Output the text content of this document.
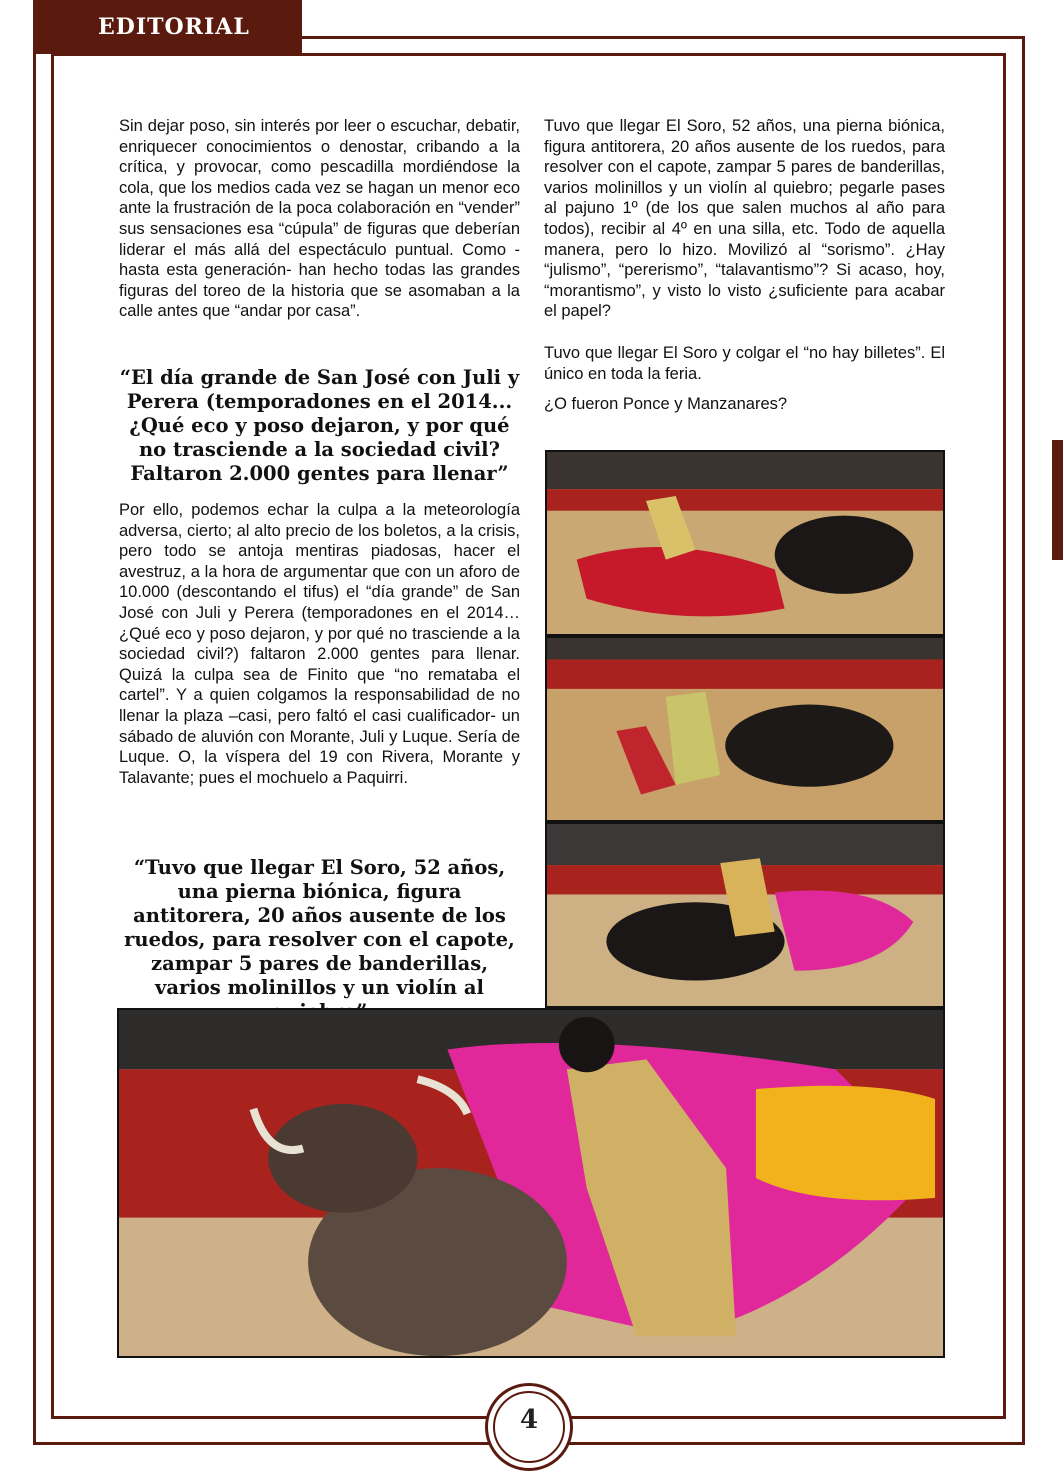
EDITORIAL

Sin dejar poso, sin interés por leer o escuchar, debatir, enriquecer conocimientos o denostar, cribando a la crítica, y provocar, como pescadilla mordiéndose la cola, que los medios cada vez se hagan un menor eco ante la frustración de la poca colaboración en “vender” sus sensaciones esa “cúpula” de figuras que deberían liderar el más allá del espectáculo puntual. Como -hasta esta generación- han hecho todas las grandes figuras del toreo de la historia que se asomaban a la calle antes que “andar por casa”.

“El día grande de San José con Juli y Perera (temporadones en el 2014... ¿Qué eco y poso dejaron, y por qué no trasciende a la sociedad civil? Faltaron 2.000 gentes para llenar”

Por ello, podemos echar la culpa a la meteorología adversa, cierto; al alto precio de los boletos, a la crisis, pero todo se antoja mentiras piadosas, hacer el avestruz, a la hora de argumentar que con un aforo de 10.000 (descontando el tifus) el “día grande” de San José con Juli y Perera (temporadones en el 2014… ¿Qué eco y poso dejaron, y por qué no trasciende a la sociedad civil?) faltaron 2.000 gentes para llenar. Quizá la culpa sea de Finito que “no remataba el cartel”. Y a quien colgamos la responsabilidad de no llenar la plaza –casi, pero faltó el casi cualificador- un sábado de aluvión con Morante, Juli y Luque. Sería de Luque. O, la víspera del 19 con Rivera, Morante y Talavante; pues el mochuelo a Paquirri.

“Tuvo que llegar El Soro, 52 años, una pierna biónica, figura antitorera, 20 años ausente de los ruedos, para resolver con el capote, zampar 5 pares de banderillas, varios molinillos y un violín al

Tuvo que llegar El Soro, 52 años, una pierna biónica, figura antitorera, 20 años ausente de los ruedos, para resolver con el capote, zampar 5 pares de banderillas, varios molinillos y un violín al quiebro; pegarle pases al pajuno 1º (de los que salen muchos al año para todos), recibir al 4º en una silla, etc. Todo de aquella manera, pero lo hizo. Movilizó al “sorismo”. ¿Hay “julismo”, “pererismo”, “talavantismo”? Si acaso, hoy, “morantismo”, y visto lo visto ¿suficiente para acabar el papel?

Tuvo que llegar El Soro y colgar el “no hay billetes”. El único en toda la feria.

¿O fueron Ponce y Manzanares?

4
